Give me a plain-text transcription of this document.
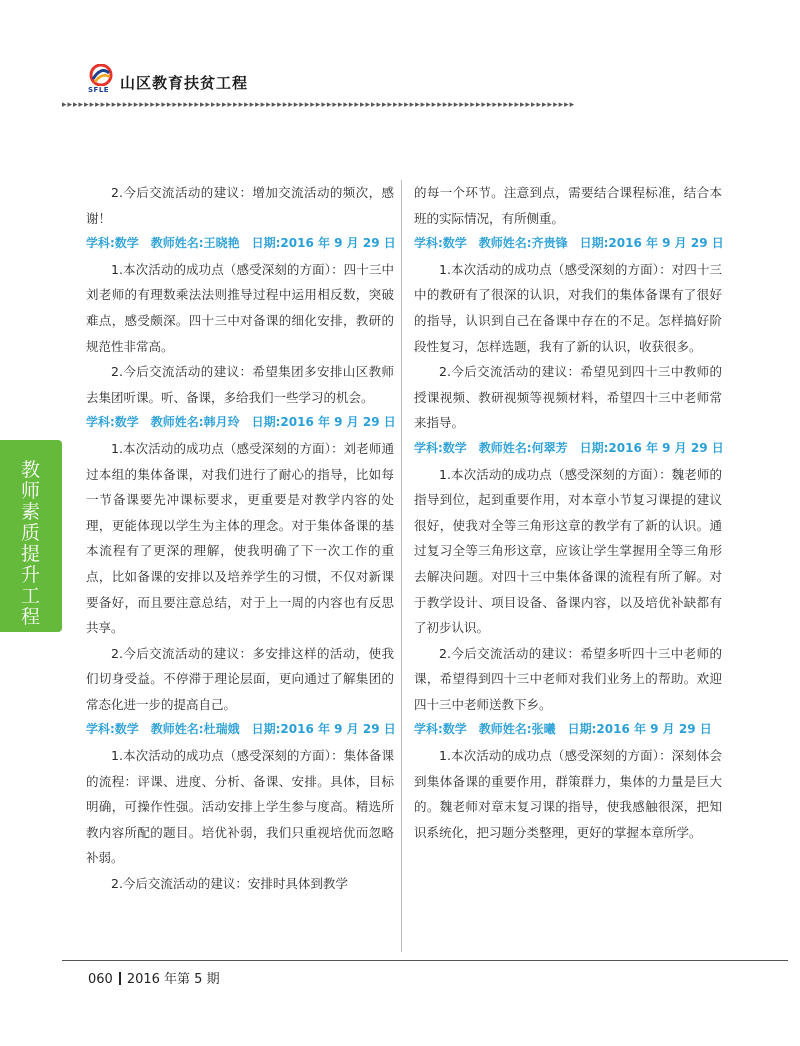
SFLE 山区教育扶贫工程
▸▸▸▸▸▸▸▸▸▸▸▸▸▸▸▸▸▸▸▸▸▸▸▸▸▸▸▸▸▸▸▸▸▸▸▸▸▸▸▸▸▸▸▸▸▸▸▸▸▸▸▸▸▸▸▸▸▸▸▸▸▸▸▸▸▸▸▸▸▸▸▸▸▸▸▸▸▸▸▸▸▸▸▸▸▸▸▸▸▸▸▸▸
教师素质提升工程

2.今后交流活动的建议：增加交流活动的频次，感谢！

学科:数学　教师姓名:王晓艳　日期:2016 年 9 月 29 日

1.本次活动的成功点（感受深刻的方面）：四十三中刘老师的有理数乘法法则推导过程中运用相反数，突破难点，感受颇深。四十三中对备课的细化安排，教研的规范性非常高。

2.今后交流活动的建议：希望集团多安排山区教师去集团听课。听、备课，多给我们一些学习的机会。

学科:数学　教师姓名:韩月玲　日期:2016 年 9 月 29 日

1.本次活动的成功点（感受深刻的方面）：刘老师通过本组的集体备课，对我们进行了耐心的指导，比如每一节备课要先冲课标要求，更重要是对教学内容的处理，更能体现以学生为主体的理念。对于集体备课的基本流程有了更深的理解，使我明确了下一次工作的重点，比如备课的安排以及培养学生的习惯，不仅对新课要备好，而且要注意总结，对于上一周的内容也有反思共享。

2.今后交流活动的建议：多安排这样的活动，使我们切身受益。不停滞于理论层面，更向通过了解集团的常态化进一步的提高自己。

学科:数学　教师姓名:杜瑞娥　日期:2016 年 9 月 29 日

1.本次活动的成功点（感受深刻的方面）：集体备课的流程：评课、进度、分析、备课、安排。具体，目标明确，可操作性强。活动安排上学生参与度高。精选所教内容所配的题目。培优补弱，我们只重视培优而忽略补弱。

2.今后交流活动的建议：安排时具体到教学

的每一个环节。注意到点，需要结合课程标准，结合本班的实际情况，有所侧重。

学科:数学　教师姓名:齐贵锋　日期:2016 年 9 月 29 日

1.本次活动的成功点（感受深刻的方面）：对四十三中的教研有了很深的认识，对我们的集体备课有了很好的指导，认识到自己在备课中存在的不足。怎样搞好阶段性复习，怎样选题，我有了新的认识，收获很多。

2.今后交流活动的建议：希望见到四十三中教师的授课视频、教研视频等视频材料，希望四十三中老师常来指导。

学科:数学　教师姓名:何翠芳　日期:2016 年 9 月 29 日

1.本次活动的成功点（感受深刻的方面）：魏老师的指导到位，起到重要作用，对本章小节复习课提的建议很好，使我对全等三角形这章的教学有了新的认识。通过复习全等三角形这章，应该让学生掌握用全等三角形去解决问题。对四十三中集体备课的流程有所了解。对于教学设计、项目设备、备课内容，以及培优补缺都有了初步认识。

2.今后交流活动的建议：希望多听四十三中老师的课，希望得到四十三中老师对我们业务上的帮助。欢迎四十三中老师送教下乡。

学科:数学　教师姓名:张曦　日期:2016 年 9 月 29 日

1.本次活动的成功点（感受深刻的方面）：深刻体会到集体备课的重要作用，群策群力，集体的力量是巨大的。魏老师对章末复习课的指导，使我感触很深，把知识系统化，把习题分类整理，更好的掌握本章所学。

060 2016 年第 5 期
